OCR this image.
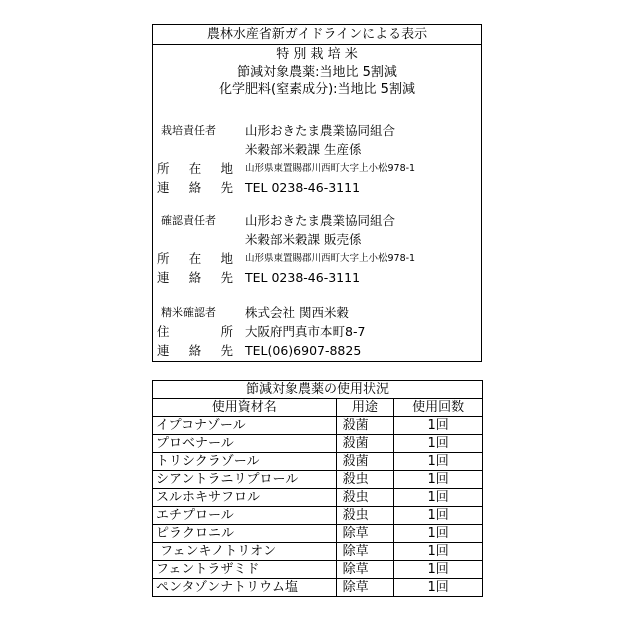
農林水産省新ガイドラインによる表示
特 別 栽 培 米
節減対象農薬:当地比 5割減
化学肥料(窒素成分):当地比 5割減
栽培責任者	山形おきたま農業協同組合
米穀部米穀課 生産係
所 在 地 山形県東置賜郡川西町大字上小松978-1
連 絡 先 TEL 0238-46-3111
確認責任者	山形おきたま農業協同組合
米穀部米穀課 販売係
所 在 地 山形県東置賜郡川西町大字上小松978-1
連 絡 先 TEL 0238-46-3111
精米確認者	株式会社 関西米穀
住	所 大阪府門真市本町8-7
連 絡 先 TEL(06)6907-8825
節減対象農薬の使用状況		
使用資材名	用途	使用回数
イプコナゾール	殺菌	1回
プロベナール	殺菌	1回
トリシクラゾール	殺菌	1回
シアントラニリプロール	殺虫	1回
スルホキサフロル	殺虫	1回
エチプロール	殺虫	1回
ピラクロニル	除草	1回
フェンキノトリオン	除草	1回
フェントラザミド	除草	1回
ペンタゾンナトリウム塩	除草	1回
